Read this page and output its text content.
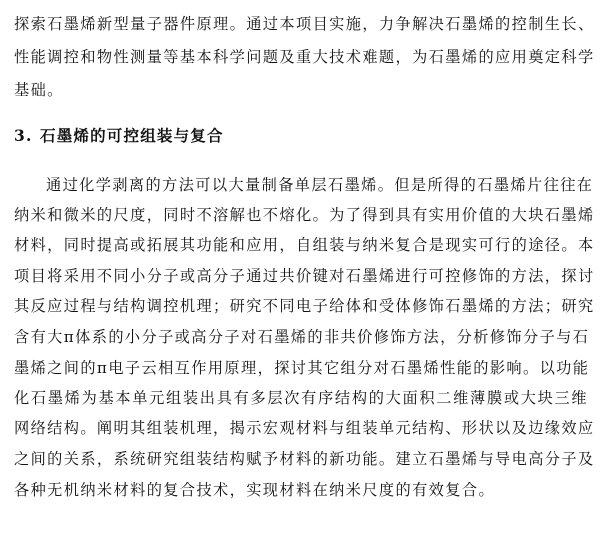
探索石墨烯新型量子器件原理。通过本项目实施，力争解决石墨烯的控制生长、
性能调控和物性测量等基本科学问题及重大技术难题，为石墨烯的应用奠定科学
基础。
3. 石墨烯的可控组装与复合
通过化学剥离的方法可以大量制备单层石墨烯。但是所得的石墨烯片往往在
纳米和微米的尺度，同时不溶解也不熔化。为了得到具有实用价值的大块石墨烯
材料，同时提高或拓展其功能和应用，自组装与纳米复合是现实可行的途径。本
项目将采用不同小分子或高分子通过共价键对石墨烯进行可控修饰的方法，探讨
其反应过程与结构调控机理；研究不同电子给体和受体修饰石墨烯的方法；研究
含有大π体系的小分子或高分子对石墨烯的非共价修饰方法，分析修饰分子与石
墨烯之间的π电子云相互作用原理，探讨其它组分对石墨烯性能的影响。以功能
化石墨烯为基本单元组装出具有多层次有序结构的大面积二维薄膜或大块三维
网络结构。阐明其组装机理，揭示宏观材料与组装单元结构、形状以及边缘效应
之间的关系，系统研究组装结构赋予材料的新功能。建立石墨烯与导电高分子及
各种无机纳米材料的复合技术，实现材料在纳米尺度的有效复合。
